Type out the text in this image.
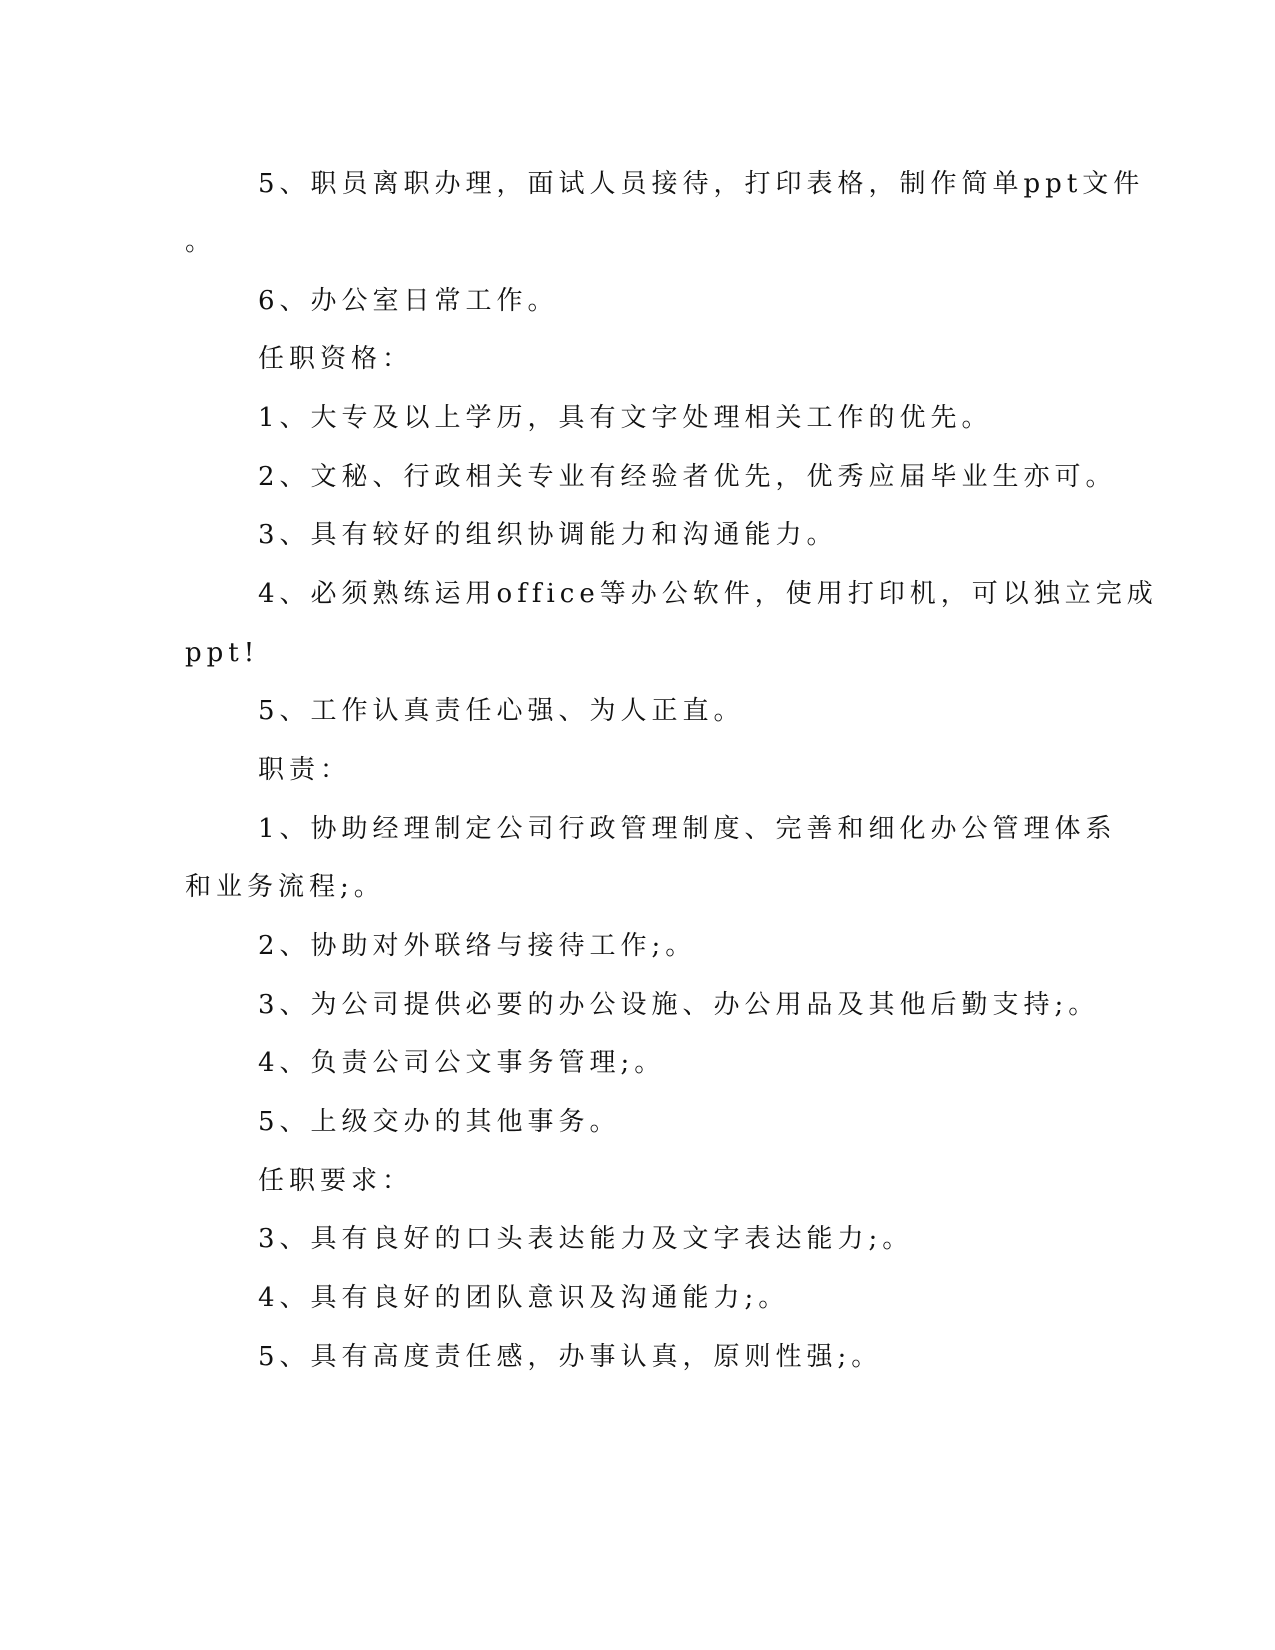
5、职员离职办理，面试人员接待，打印表格，制作简单ppt文件
。
6、办公室日常工作。
任职资格：
1、大专及以上学历，具有文字处理相关工作的优先。
2、文秘、行政相关专业有经验者优先，优秀应届毕业生亦可。
3、具有较好的组织协调能力和沟通能力。
4、必须熟练运用office等办公软件，使用打印机，可以独立完成
ppt!
5、工作认真责任心强、为人正直。
职责：
1、协助经理制定公司行政管理制度、完善和细化办公管理体系
和业务流程;。
2、协助对外联络与接待工作;。
3、为公司提供必要的办公设施、办公用品及其他后勤支持;。
4、负责公司公文事务管理;。
5、上级交办的其他事务。
任职要求：
3、具有良好的口头表达能力及文字表达能力;。
4、具有良好的团队意识及沟通能力;。
5、具有高度责任感，办事认真，原则性强;。
